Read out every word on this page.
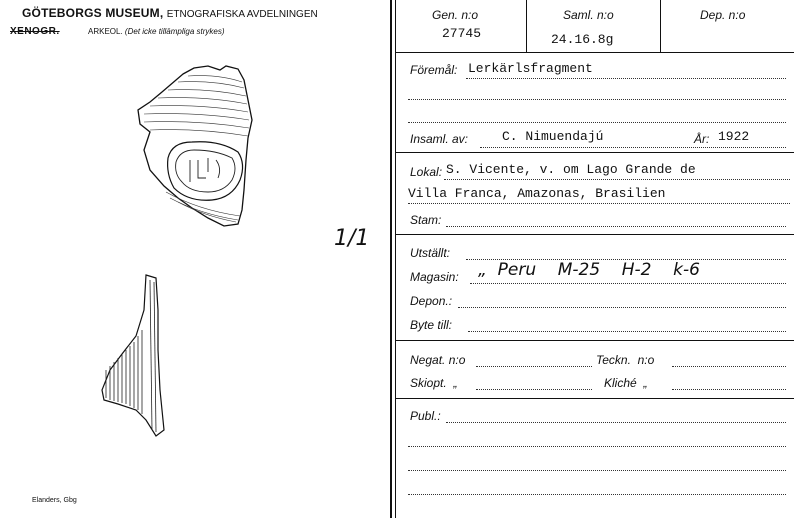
GÖTEBORGS MUSEUM, ETNOGRAFISKA AVDELNINGEN
XENOGR.	ARKEOL. (Det icke tillämpliga strykes)
1/1
Elanders, Gbg
Gen. n:o
27745
Saml. n:o
24.16.8g
Dep. n:o
Föremål: Lerkärlsfragment
Insaml. av:	C. Nimuendajú	År: 1922
Lokal: S. Vicente, v. om Lago Grande de
Villa Franca, Amazonas, Brasilien
Stam:
Utställt:
Magasin: „  Peru    M-25    H-2    k-6
Depon.:
Byte till:
Negat. n:o	Teckn.  n:o
Skiopt.  „	Kliché  „
Publ.:
